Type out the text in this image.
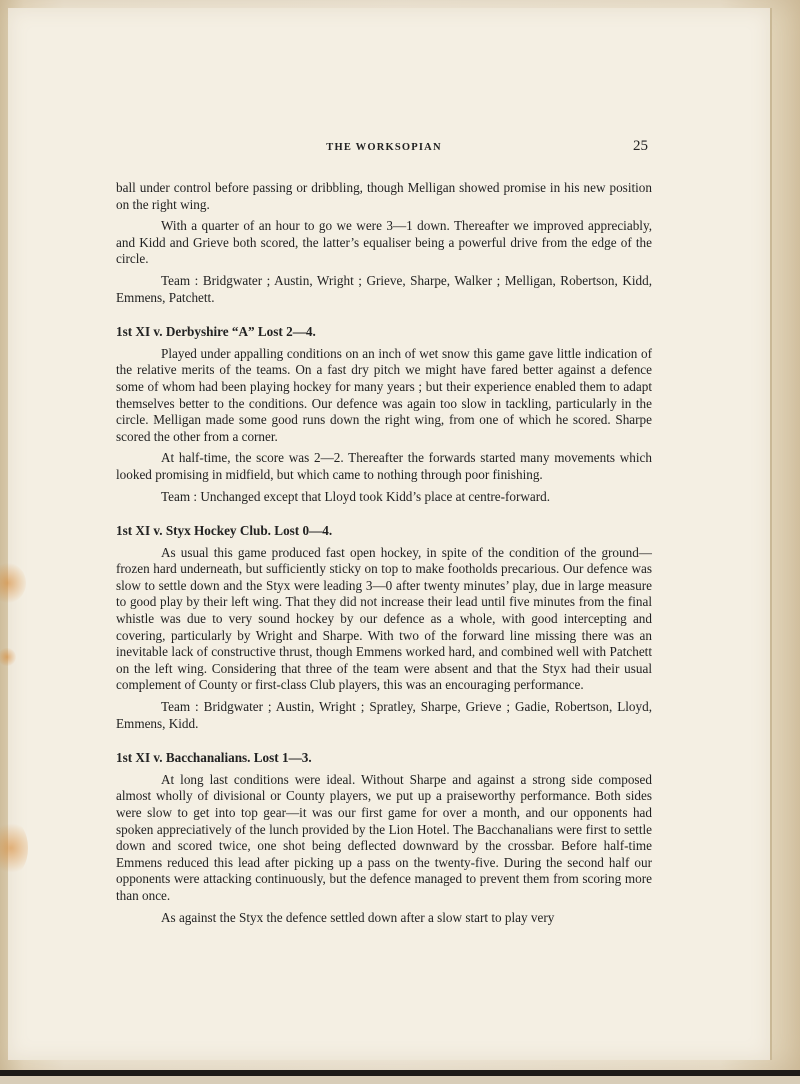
THE WORKSOPIAN	25

ball under control before passing or dribbling, though Melligan showed promise in his new position on the right wing.

With a quarter of an hour to go we were 3—1 down. Thereafter we improved appreciably, and Kidd and Grieve both scored, the latter’s equaliser being a powerful drive from the edge of the circle.

Team : Bridgwater ; Austin, Wright ; Grieve, Sharpe, Walker ; Melligan, Robertson, Kidd, Emmens, Patchett.

1st XI v. Derbyshire “A” Lost 2—4.

Played under appalling conditions on an inch of wet snow this game gave little indication of the relative merits of the teams. On a fast dry pitch we might have fared better against a defence some of whom had been playing hockey for many years ; but their experience enabled them to adapt themselves better to the conditions. Our defence was again too slow in tackling, particularly in the circle. Melligan made some good runs down the right wing, from one of which he scored. Sharpe scored the other from a corner.

At half-time, the score was 2—2. Thereafter the forwards started many movements which looked promising in midfield, but which came to nothing through poor finishing.

Team : Unchanged except that Lloyd took Kidd’s place at centre-forward.

1st XI v. Styx Hockey Club. Lost 0—4.

As usual this game produced fast open hockey, in spite of the condition of the ground—frozen hard underneath, but sufficiently sticky on top to make footholds precarious. Our defence was slow to settle down and the Styx were leading 3—0 after twenty minutes’ play, due in large measure to good play by their left wing. That they did not increase their lead until five minutes from the final whistle was due to very sound hockey by our defence as a whole, with good intercepting and covering, particularly by Wright and Sharpe. With two of the forward line missing there was an inevitable lack of constructive thrust, though Emmens worked hard, and combined well with Patchett on the left wing. Considering that three of the team were absent and that the Styx had their usual complement of County or first-class Club players, this was an encouraging performance.

Team : Bridgwater ; Austin, Wright ; Spratley, Sharpe, Grieve ; Gadie, Robertson, Lloyd, Emmens, Kidd.

1st XI v. Bacchanalians. Lost 1—3.

At long last conditions were ideal. Without Sharpe and against a strong side composed almost wholly of divisional or County players, we put up a praiseworthy performance. Both sides were slow to get into top gear—it was our first game for over a month, and our opponents had spoken appreciatively of the lunch provided by the Lion Hotel. The Bacchanalians were first to settle down and scored twice, one shot being deflected downward by the crossbar. Before half-time Emmens reduced this lead after picking up a pass on the twenty-five. During the second half our opponents were attacking continuously, but the defence managed to prevent them from scoring more than once.

As against the Styx the defence settled down after a slow start to play very
